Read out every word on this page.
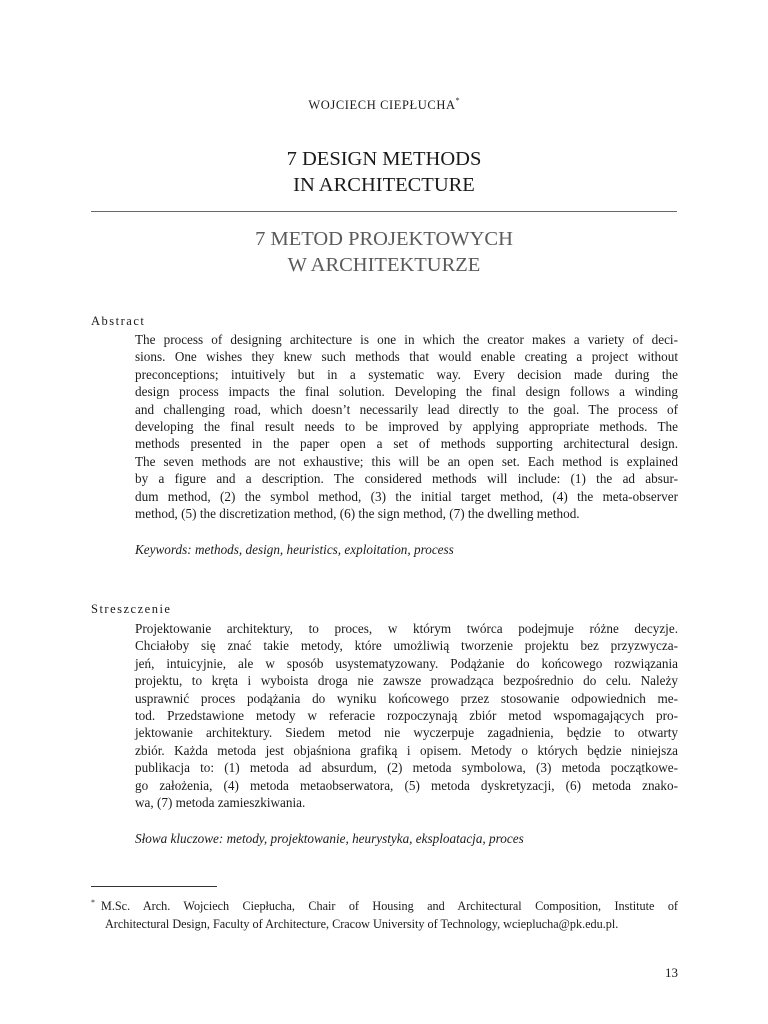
WOJCIECH CIEPŁUCHA*
7 DESIGN METHODS
IN ARCHITECTURE
7 METOD PROJEKTOWYCH
W ARCHITEKTURZE
Abstract
The process of designing architecture is one in which the creator makes a variety of deci-
sions. One wishes they knew such methods that would enable creating a project without
preconceptions; intuitively but in a systematic way. Every decision made during the
design process impacts the final solution. Developing the final design follows a winding
and challenging road, which doesn’t necessarily lead directly to the goal. The process of
developing the final result needs to be improved by applying appropriate methods. The
methods presented in the paper open a set of methods supporting architectural design.
The seven methods are not exhaustive; this will be an open set. Each method is explained
by a figure and a description. The considered methods will include: (1) the ad absur-
dum method, (2) the symbol method, (3) the initial target method, (4) the meta-observer
method, (5) the discretization method, (6) the sign method, (7) the dwelling method.
Keywords: methods, design, heuristics, exploitation, process
Streszczenie
Projektowanie architektury, to proces, w którym twórca podejmuje różne decyzje.
Chciałoby się znać takie metody, które umożliwią tworzenie projektu bez przyzwycza-
jeń, intuicyjnie, ale w sposób usystematyzowany. Podążanie do końcowego rozwiązania
projektu, to kręta i wyboista droga nie zawsze prowadząca bezpośrednio do celu. Należy
usprawnić proces podążania do wyniku końcowego przez stosowanie odpowiednich me-
tod. Przedstawione metody w referacie rozpoczynają zbiór metod wspomagających pro-
jektowanie architektury. Siedem metod nie wyczerpuje zagadnienia, będzie to otwarty
zbiór. Każda metoda jest objaśniona grafiką i opisem. Metody o których będzie niniejsza
publikacja to: (1) metoda ad absurdum, (2) metoda symbolowa, (3) metoda początkowe-
go założenia, (4) metoda metaobserwatora, (5) metoda dyskretyzacji, (6) metoda znako-
wa, (7) metoda zamieszkiwania.
Słowa kluczowe: metody, projektowanie, heurystyka, eksploatacja, proces
* M.Sc. Arch. Wojciech Ciepłucha, Chair of Housing and Architectural Composition, Institute of
Architectural Design, Faculty of Architecture, Cracow University of Technology, wcieplucha@pk.edu.pl.
13
